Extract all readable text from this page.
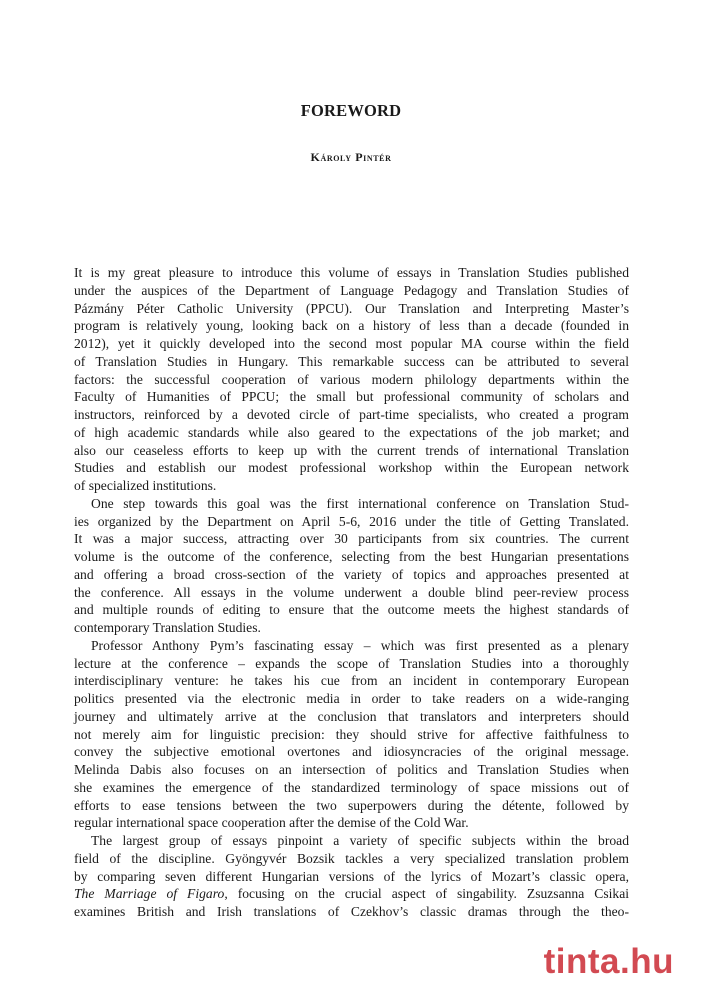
FOREWORD
Károly Pintér

It is my great pleasure to introduce this volume of essays in Translation Studies published
under the auspices of the Department of Language Pedagogy and Translation Studies of
Pázmány Péter Catholic University (PPCU). Our Translation and Interpreting Master’s
program is relatively young, looking back on a history of less than a decade (founded in
2012), yet it quickly developed into the second most popular MA course within the field
of Translation Studies in Hungary. This remarkable success can be attributed to several
factors: the successful cooperation of various modern philology departments within the
Faculty of Humanities of PPCU; the small but professional community of scholars and
instructors, reinforced by a devoted circle of part-time specialists, who created a program
of high academic standards while also geared to the expectations of the job market; and
also our ceaseless efforts to keep up with the current trends of international Translation
Studies and establish our modest professional workshop within the European network
of specialized institutions.

One step towards this goal was the first international conference on Translation Stud-
ies organized by the Department on April 5-6, 2016 under the title of Getting Translated.
It was a major success, attracting over 30 participants from six countries. The current
volume is the outcome of the conference, selecting from the best Hungarian presentations
and offering a broad cross-section of the variety of topics and approaches presented at
the conference. All essays in the volume underwent a double blind peer-review process
and multiple rounds of editing to ensure that the outcome meets the highest standards of
contemporary Translation Studies.

Professor Anthony Pym’s fascinating essay – which was first presented as a plenary
lecture at the conference – expands the scope of Translation Studies into a thoroughly
interdisciplinary venture: he takes his cue from an incident in contemporary European
politics presented via the electronic media in order to take readers on a wide-ranging
journey and ultimately arrive at the conclusion that translators and interpreters should
not merely aim for linguistic precision: they should strive for affective faithfulness to
convey the subjective emotional overtones and idiosyncracies of the original message.
Melinda Dabis also focuses on an intersection of politics and Translation Studies when
she examines the emergence of the standardized terminology of space missions out of
efforts to ease tensions between the two superpowers during the détente, followed by
regular international space cooperation after the demise of the Cold War.

The largest group of essays pinpoint a variety of specific subjects within the broad
field of the discipline. Gyöngyvér Bozsik tackles a very specialized translation problem
by comparing seven different Hungarian versions of the lyrics of Mozart’s classic opera,
The Marriage of Figaro, focusing on the crucial aspect of singability. Zsuzsanna Csikai
examines British and Irish translations of Czekhov’s classic dramas through the theo-

tinta.hu
